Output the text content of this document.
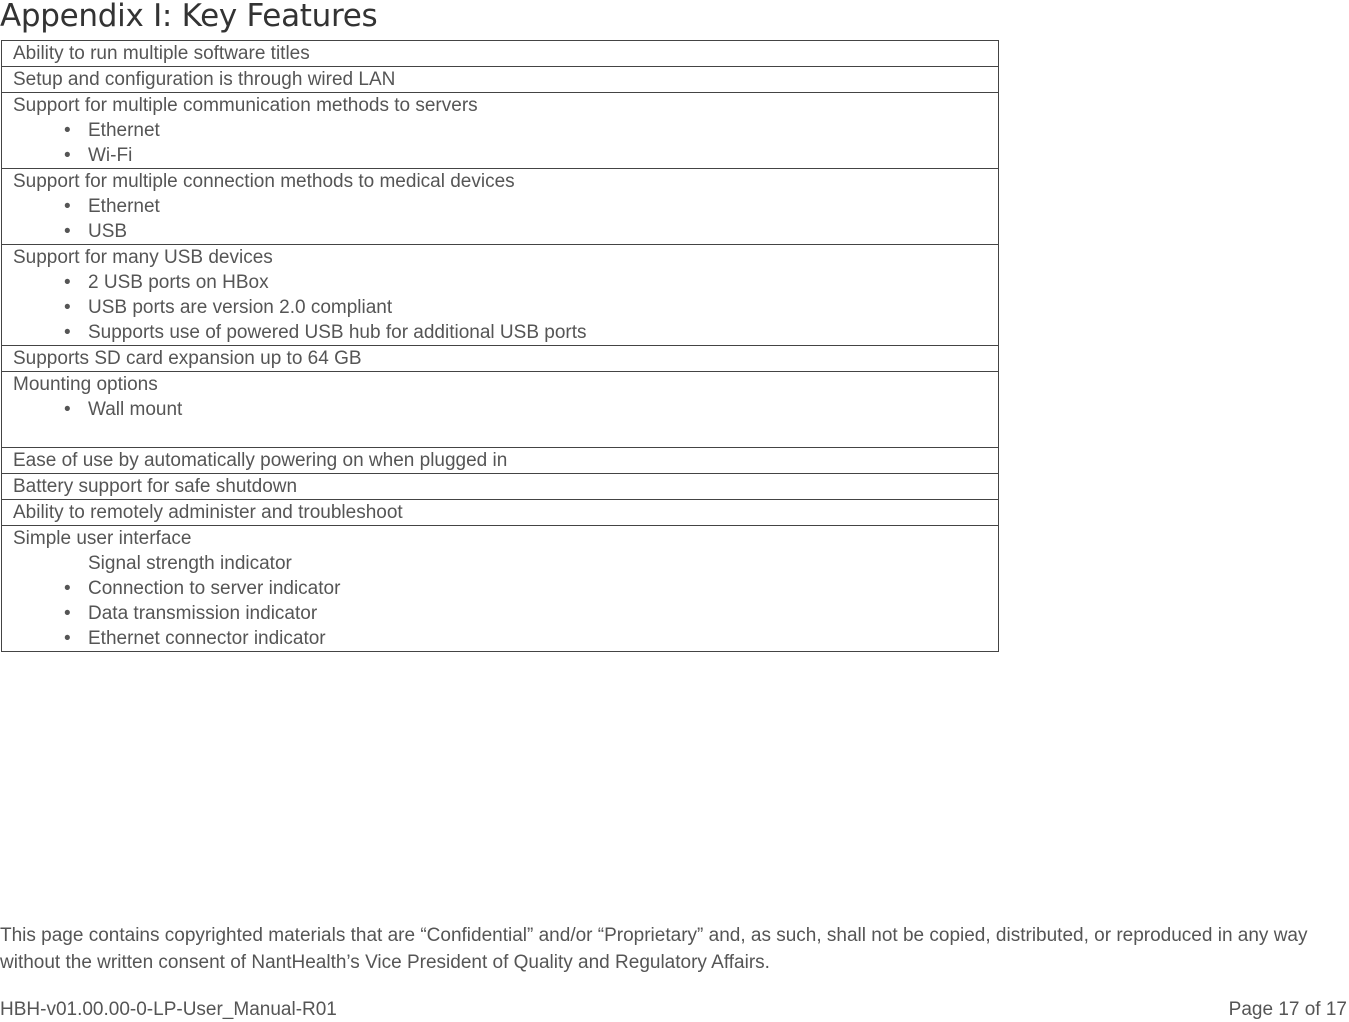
Appendix I: Key Features
Ability to run multiple software titles

Setup and configuration is through wired LAN

Support for multiple communication methods to servers
• Ethernet
• Wi-Fi

Support for multiple connection methods to medical devices
• Ethernet
• USB

Support for many USB devices
• 2 USB ports on HBox
• USB ports are version 2.0 compliant
• Supports use of powered USB hub for additional USB ports

Supports SD card expansion up to 64 GB

Mounting options
• Wall mount

Ease of use by automatically powering on when plugged in

Battery support for safe shutdown

Ability to remotely administer and troubleshoot

Simple user interface
Signal strength indicator
• Connection to server indicator
• Data transmission indicator
• Ethernet connector indicator
This page contains copyrighted materials that are “Confidential” and/or “Proprietary” and, as such, shall not be copied, distributed, or reproduced in any way without the written consent of NantHealth’s Vice President of Quality and Regulatory Affairs.
HBH-v01.00.00-0-LP-User_Manual-R01	Page 17 of 17
